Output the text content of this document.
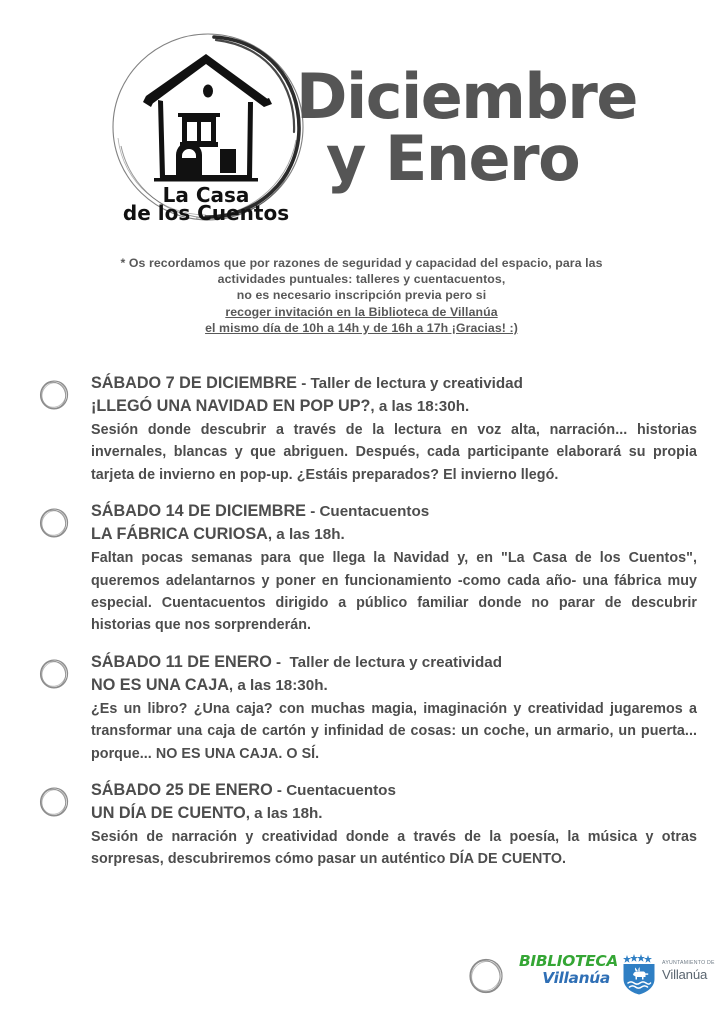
La Casa
de los Cuentos
Diciembre
y Enero
* Os recordamos que por razones de seguridad y capacidad del espacio, para las
actividades puntuales: talleres y cuentacuentos,
no es necesario inscripción previa pero si
recoger invitación en la Biblioteca de Villanúa
el mismo día de 10h a 14h y de 16h a 17h ¡Gracias! :)
SÁBADO 7 DE DICIEMBRE - Taller de lectura y creatividad
¡LLEGÓ UNA NAVIDAD EN POP UP?, a las 18:30h.
Sesión donde descubrir a través de la lectura en voz alta, narración... historias invernales, blancas y que abriguen. Después, cada participante elaborará su propia tarjeta de invierno en pop-up. ¿Estáis preparados? El invierno llegó.
SÁBADO 14 DE DICIEMBRE - Cuentacuentos
LA FÁBRICA CURIOSA, a las 18h.
Faltan pocas semanas para que llega la Navidad y, en "La Casa de los Cuentos", queremos adelantarnos y poner en funcionamiento -como cada año- una fábrica muy especial. Cuentacuentos dirigido a público familiar donde no parar de descubrir historias que nos sorprenderán.
SÁBADO 11 DE ENERO -  Taller de lectura y creatividad
NO ES UNA CAJA, a las 18:30h.
¿Es un libro? ¿Una caja? con muchas magia, imaginación y creatividad jugaremos a transformar una caja de cartón y infinidad de cosas: un coche, un armario, un puerta... porque... NO ES UNA CAJA. O SÍ.
SÁBADO 25 DE ENERO - Cuentacuentos
UN DÍA DE CUENTO, a las 18h.
Sesión de narración y creatividad donde a través de la poesía, la música y otras sorpresas, descubriremos cómo pasar un auténtico DÍA DE CUENTO.
BIBLIOTECA
Villanúa
AYUNTAMIENTO DE
Villanúa
